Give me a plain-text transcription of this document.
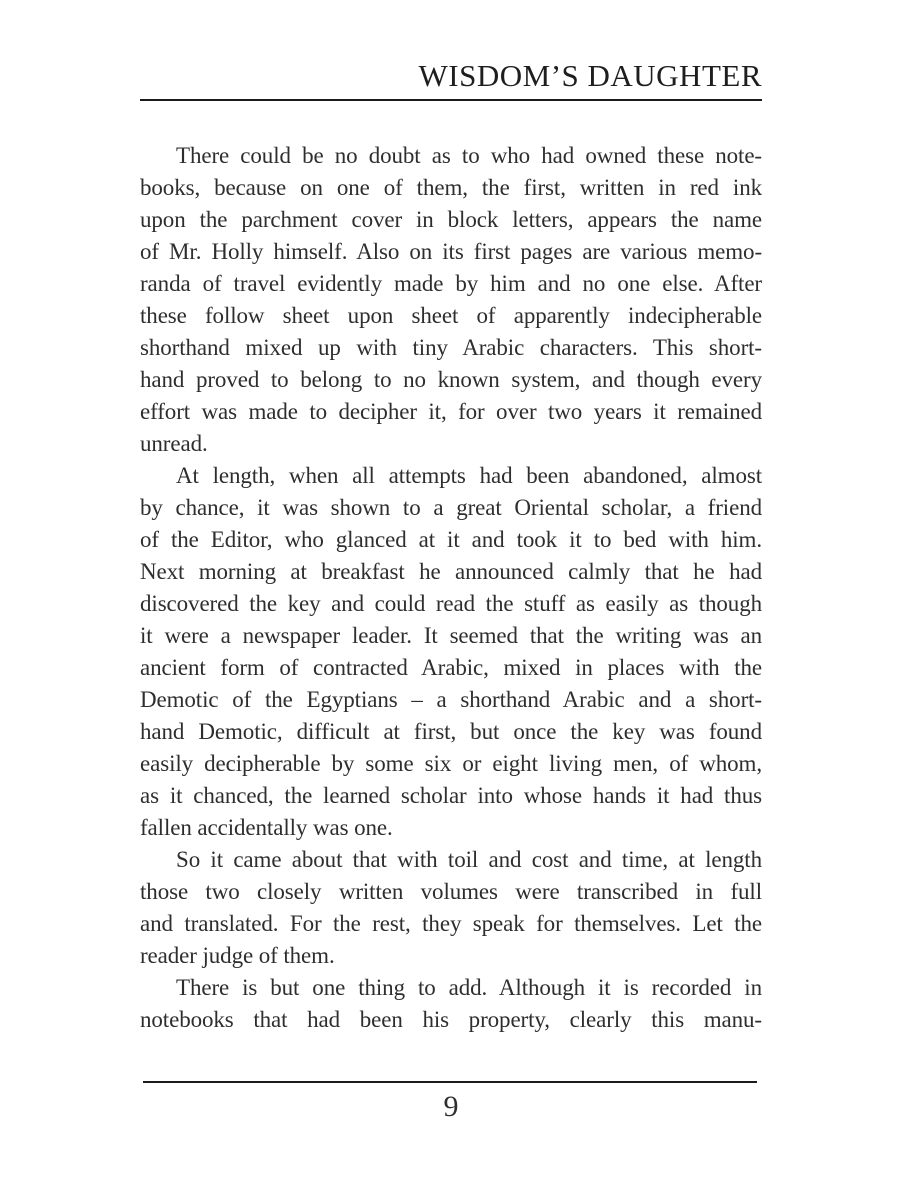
WISDOM’S DAUGHTER
There could be no doubt as to who had owned these note-
books, because on one of them, the first, written in red ink
upon the parchment cover in block letters, appears the name
of Mr. Holly himself. Also on its first pages are various memo-
randa of travel evidently made by him and no one else. After
these follow sheet upon sheet of apparently indecipherable
shorthand mixed up with tiny Arabic characters. This short-
hand proved to belong to no known system, and though every
effort was made to decipher it, for over two years it remained
unread.
At length, when all attempts had been abandoned, almost
by chance, it was shown to a great Oriental scholar, a friend
of the Editor, who glanced at it and took it to bed with him.
Next morning at breakfast he announced calmly that he had
discovered the key and could read the stuff as easily as though
it were a newspaper leader. It seemed that the writing was an
ancient form of contracted Arabic, mixed in places with the
Demotic of the Egyptians – a shorthand Arabic and a short-
hand Demotic, difficult at first, but once the key was found
easily decipherable by some six or eight living men, of whom,
as it chanced, the learned scholar into whose hands it had thus
fallen accidentally was one.
So it came about that with toil and cost and time, at length
those two closely written volumes were transcribed in full
and translated. For the rest, they speak for themselves. Let the
reader judge of them.
There is but one thing to add. Although it is recorded in
notebooks that had been his property, clearly this manu-
9
